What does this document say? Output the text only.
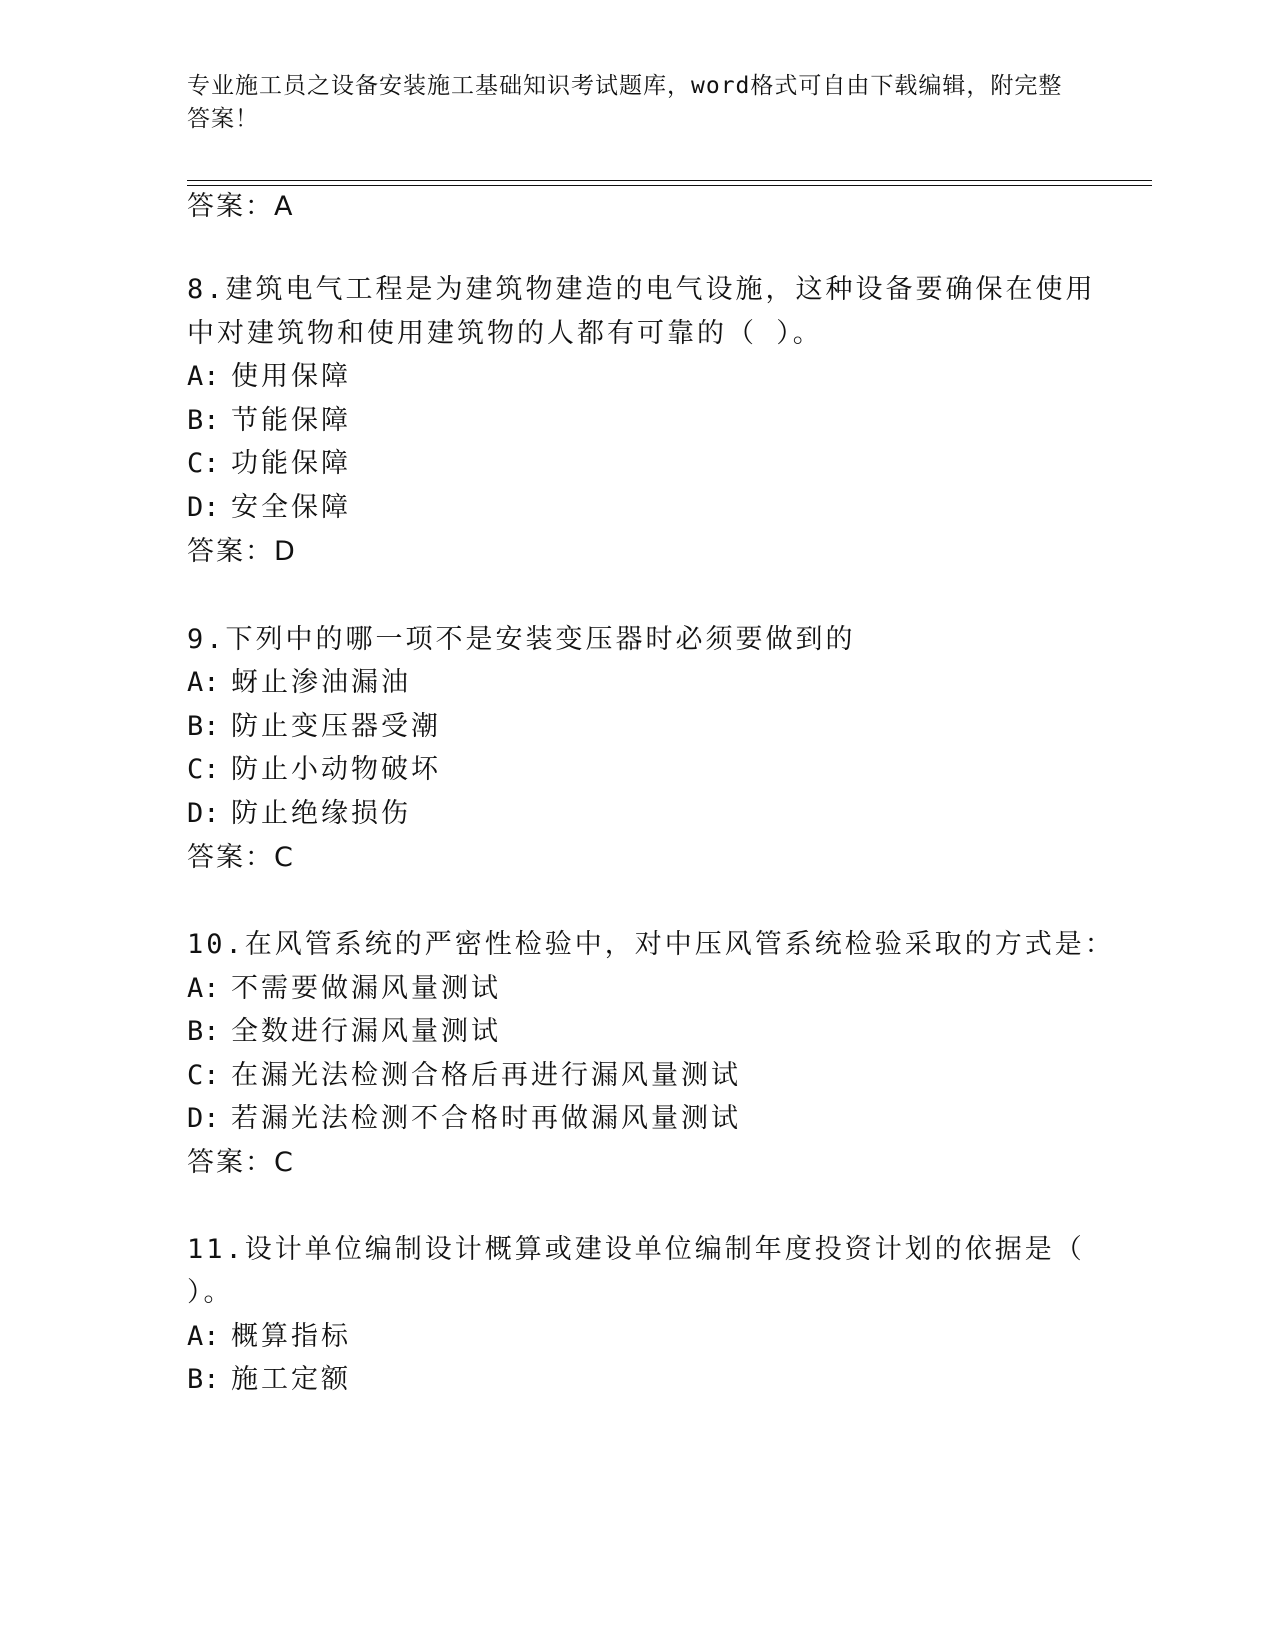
专业施工员之设备安装施工基础知识考试题库，word格式可自由下载编辑，附完整答案！
答案：A
8.建筑电气工程是为建筑物建造的电气设施，这种设备要确保在使用
中对建筑物和使用建筑物的人都有可靠的（ ）。
A: 使用保障
B: 节能保障
C: 功能保障
D: 安全保障
答案：D
9.下列中的哪一项不是安装变压器时必须要做到的
A: 蚜止渗油漏油
B: 防止变压器受潮
C: 防止小动物破坏
D: 防止绝缘损伤
答案：C
10.在风管系统的严密性检验中，对中压风管系统检验采取的方式是：
A: 不需要做漏风量测试
B: 全数进行漏风量测试
C: 在漏光法检测合格后再进行漏风量测试
D: 若漏光法检测不合格时再做漏风量测试
答案：C
11.设计单位编制设计概算或建设单位编制年度投资计划的依据是（
）。
A: 概算指标
B: 施工定额
